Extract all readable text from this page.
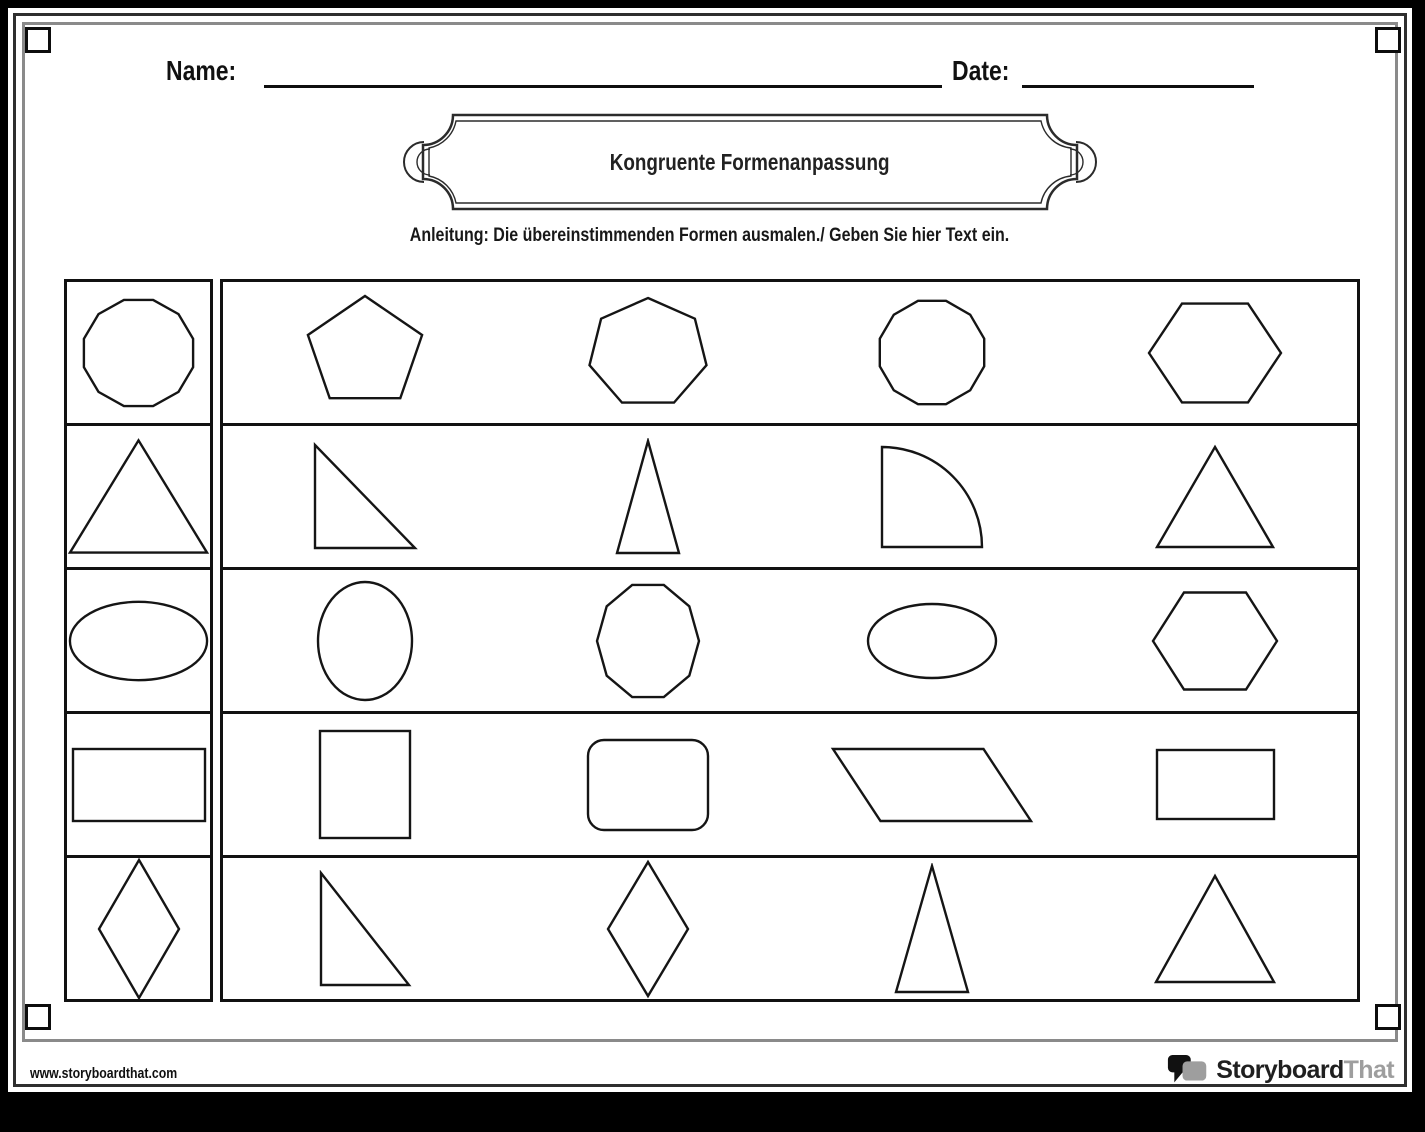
Name:	Date:
Kongruente Formenanpassung
Anleitung: Die übereinstimmenden Formen ausmalen./ Geben Sie hier Text ein.
www.storyboardthat.com	StoryboardThat
